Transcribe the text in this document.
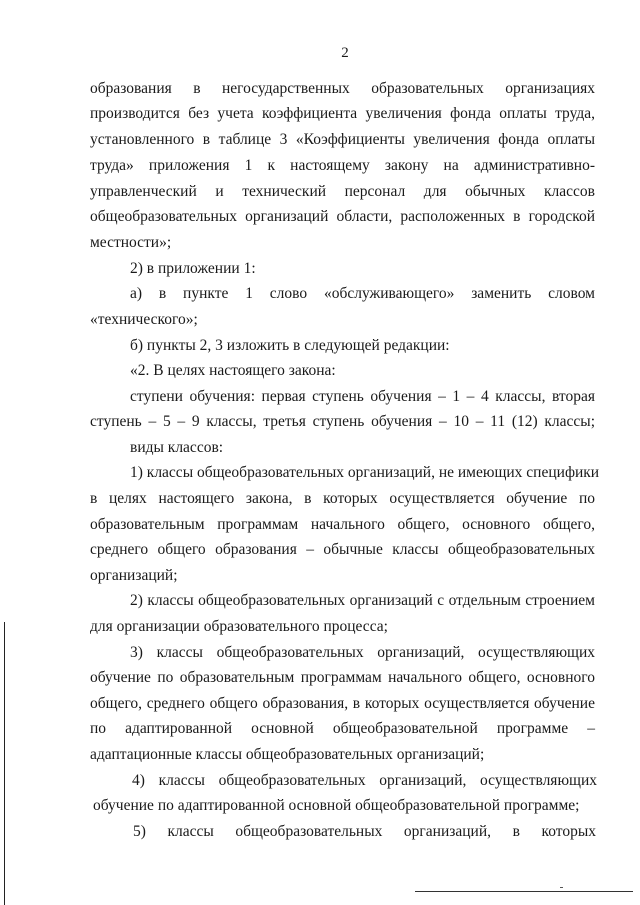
2
образования в негосударственных образовательных организациях
производится без учета коэффициента увеличения фонда оплаты труда,
установленного в таблице 3 «Коэффициенты увеличения фонда оплаты
труда» приложения 1 к настоящему закону на административно-
управленческий и технический персонал для обычных классов
общеобразовательных организаций области, расположенных в городской
местности»;
2) в приложении 1:
а) в пункте 1 слово «обслуживающего» заменить словом
«технического»;
б) пункты 2, 3 изложить в следующей редакции:
«2. В целях настоящего закона:
ступени обучения: первая ступень обучения – 1 – 4 классы, вторая
ступень – 5 – 9 классы, третья ступень обучения – 10 – 11 (12) классы;
виды классов:
1) классы общеобразовательных организаций, не имеющих специфики
в целях настоящего закона, в которых осуществляется обучение по
образовательным программам начального общего, основного общего,
среднего общего образования – обычные классы общеобразовательных
организаций;
2) классы общеобразовательных организаций с отдельным строением
для организации образовательного процесса;
3) классы общеобразовательных организаций, осуществляющих
обучение по образовательным программам начального общего, основного
общего, среднего общего образования, в которых осуществляется обучение
по адаптированной основной общеобразовательной программе –
адаптационные классы общеобразовательных организаций;
4) классы общеобразовательных организаций, осуществляющих
обучение по адаптированной основной общеобразовательной программе;
5) классы общеобразовательных организаций, в которых
